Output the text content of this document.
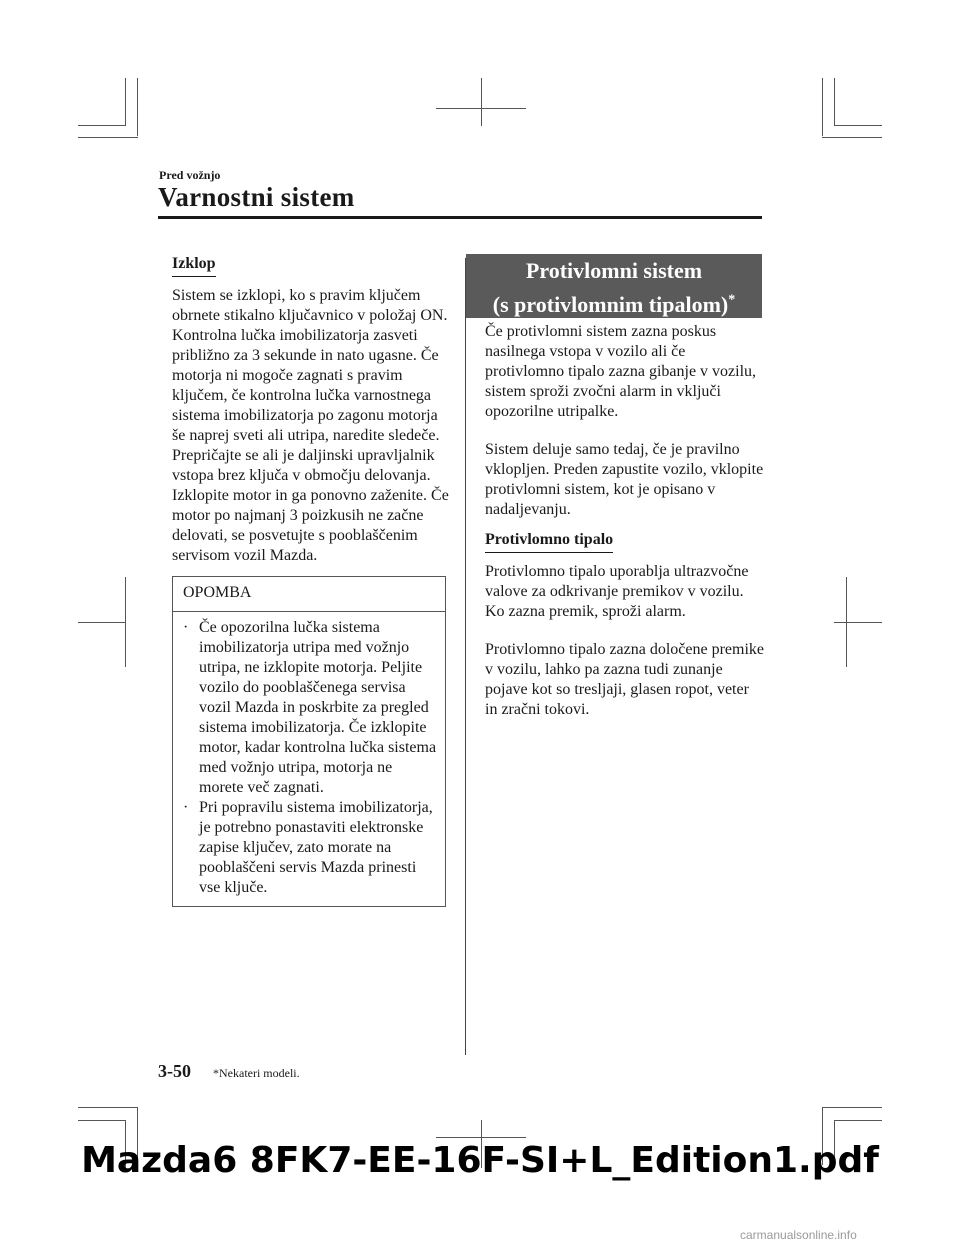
Pred vožnjo
Varnostni sistem
Izklop

Sistem se izklopi, ko s pravim ključem obrnete stikalno ključavnico v položaj ON. Kontrolna lučka imobilizatorja zasveti približno za 3 sekunde in nato ugasne. Če motorja ni mogoče zagnati s pravim ključem, če kontrolna lučka varnostnega sistema imobilizatorja po zagonu motorja še naprej sveti ali utripa, naredite sledeče. Prepričajte se ali je daljinski upravljalnik vstopa brez ključa v območju delovanja. Izklopite motor in ga ponovno zaženite. Če motor po najmanj 3 poizkusih ne začne delovati, se posvetujte s pooblaščenim servisom vozil Mazda.

OPOMBA
· Če opozorilna lučka sistema imobilizatorja utripa med vožnjo utripa, ne izklopite motorja. Peljite vozilo do pooblaščenega servisa vozil Mazda in poskrbite za pregled sistema imobilizatorja. Če izklopite motor, kadar kontrolna lučka sistema med vožnjo utripa, motorja ne morete več zagnati.
· Pri popravilu sistema imobilizatorja, je potrebno ponastaviti elektronske zapise ključev, zato morate na pooblaščeni servis Mazda prinesti vse ključe.
Protivlomni sistem
(s protivlomnim tipalom)*

Če protivlomni sistem zazna poskus nasilnega vstopa v vozilo ali če protivlomno tipalo zazna gibanje v vozilu, sistem sproži zvočni alarm in vključi opozorilne utripalke.

Sistem deluje samo tedaj, če je pravilno vklopljen. Preden zapustite vozilo, vklopite protivlomni sistem, kot je opisano v nadaljevanju.

Protivlomno tipalo

Protivlomno tipalo uporablja ultrazvočne valove za odkrivanje premikov v vozilu. Ko zazna premik, sproži alarm.

Protivlomno tipalo zazna določene premike v vozilu, lahko pa zazna tudi zunanje pojave kot so tresljaji, glasen ropot, veter in zračni tokovi.

3-50 *Nekateri modeli.
Mazda6 8FK7-EE-16F-SI+L_Edition1.pdf
carmanualsonline.info
